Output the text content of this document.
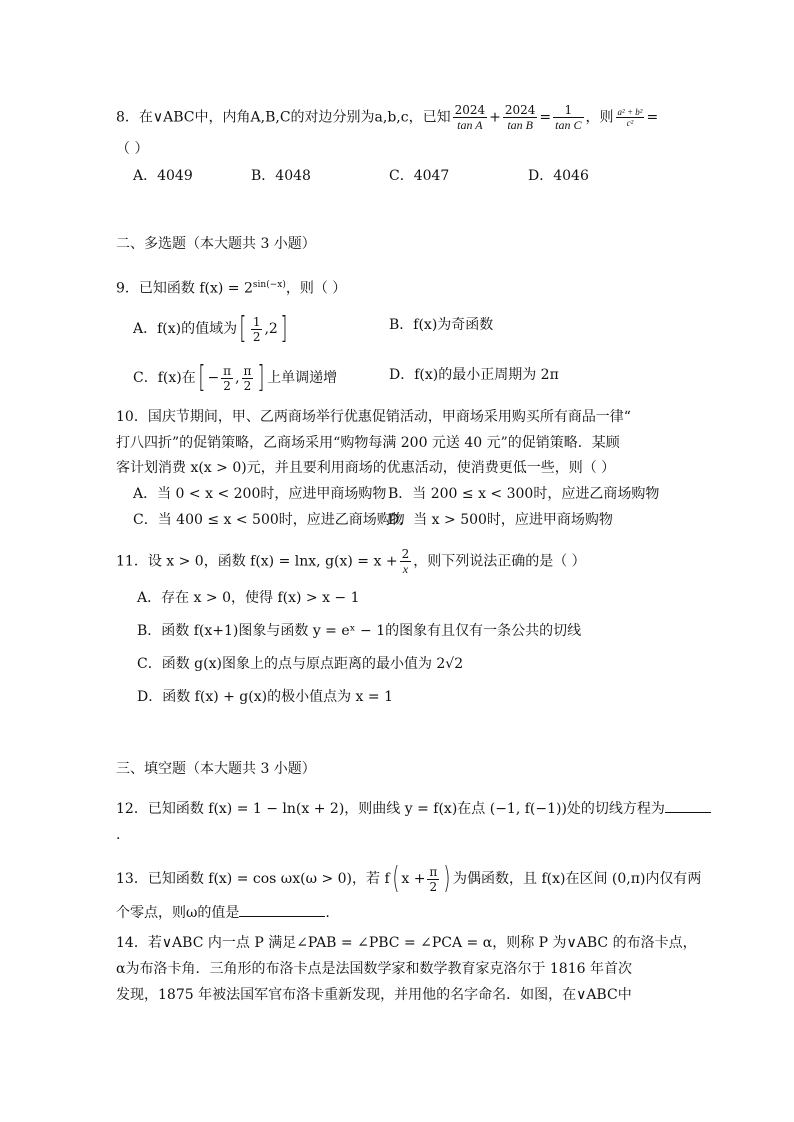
8．在∨ABC中，内角A,B,C的对边分别为a,b,c，已知 $\frac{2024}{\text{tan A}} + \frac{2024}{\text{tan B}} = \frac{1}{\text{tan C}}$ ，则 $\frac{\text{a² + b²}}{\text{c²}}$ =
（ ）
A．4049	B．4048	C．4047	D．4046
二、多选题（本大题共 3 小题）
9．已知函数 $f(x) = 2^{sin(-x)}$，则（ ）
A．f(x)的值域为[ $\frac{1}{2} ,2$]	B．f(x)为奇函数
C．f(x)在[ − $\frac{\pi}{2}$ , $\frac{\pi}{2}$ ] 上单调递增	D．f(x)的最小正周期为 2π
10．国庆节期间，甲、乙两商场举行优惠促销活动，甲商场采用购买所有商品一律“
打八四折”的促销策略，乙商场采用“购物每满 200 元送 40 元”的促销策略．某顾
客计划消费 x(x > 0)元，并且要利用商场的优惠活动，使消费更低一些，则（ ）
A．当 0 < x < 200时，应进甲商场购物 B．当 200 ≤ x < 300时，应进乙商场购物
C．当 400 ≤ x < 500时，应进乙商场购物
D．当 x > 500时，应进甲商场购物
11．设 x > 0，函数 f(x) = lnx, $g(x) = x + \frac{2}{x}$ ，则下列说法正确的是（ ）
A．存在 x > 0，使得 f(x) > x − 1
B．函数 f(x+1)图象与函数 y = eˣ − 1的图象有且仅有一条公共的切线
C．函数 g(x)图象上的点与原点距离的最小值为 2√2
D．函数 f(x) + g(x)的极小值点为 x = 1
三、填空题（本大题共 3 小题）
12．已知函数 f(x) = 1 − ln(x + 2)，则曲线 y = f(x)在点 (−1, f(−1))处的切线方程为
.
13．已知函数 f(x) = cos ωx(ω > 0)，若 f( $x + \frac{\pi}{2}$ ) 为偶函数，且 f(x)在区间 (0,π)内仅有两
个零点，则ω的值是	.
14．若∨ABC 内一点 P 满足∠PAB = ∠PBC = ∠PCA = α，则称 P 为∨ABC 的布洛卡点，
α为布洛卡角．三角形的布洛卡点是法国数学家和数学教育家克洛尔于 1816 年首次
发现，1875 年被法国军官布洛卡重新发现，并用他的名字命名．如图，在∨ABC中
